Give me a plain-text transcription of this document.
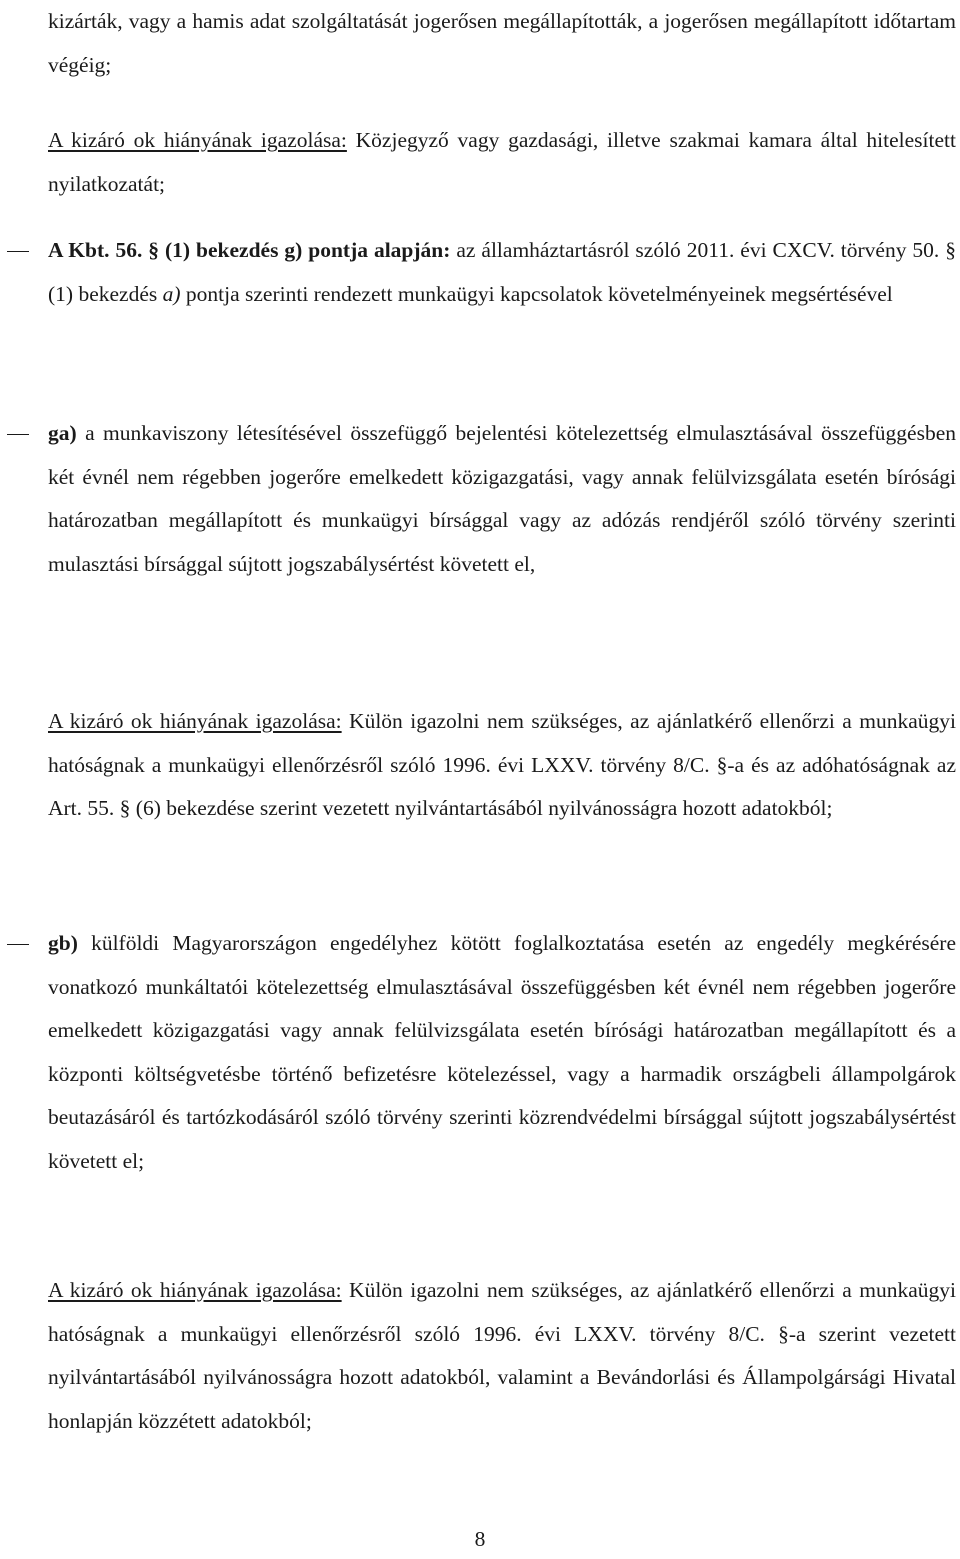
kizárták, vagy a hamis adat szolgáltatását jogerősen megállapították, a jogerősen megállapított időtartam végéig;

A kizáró ok hiányának igazolása: Közjegyző vagy gazdasági, illetve szakmai kamara által hitelesített nyilatkozatát;

A Kbt. 56. § (1) bekezdés g) pontja alapján: az államháztartásról szóló 2011. évi CXCV. törvény 50. § (1) bekezdés a) pontja szerinti rendezett munkaügyi kapcsolatok követelményeinek megsértésével

ga) a munkaviszony létesítésével összefüggő bejelentési kötelezettség elmulasztásával összefüggésben két évnél nem régebben jogerőre emelkedett közigazgatási, vagy annak felülvizsgálata esetén bírósági határozatban megállapított és munkaügyi bírsággal vagy az adózás rendjéről szóló törvény szerinti mulasztási bírsággal sújtott jogszabálysértést követett el,

A kizáró ok hiányának igazolása: Külön igazolni nem szükséges, az ajánlatkérő ellenőrzi a munkaügyi hatóságnak a munkaügyi ellenőrzésről szóló 1996. évi LXXV. törvény 8/C. §-a és az adóhatóságnak az Art. 55. § (6) bekezdése szerint vezetett nyilvántartásából nyilvánosságra hozott adatokból;

gb) külföldi Magyarországon engedélyhez kötött foglalkoztatása esetén az engedély megkérésére vonatkozó munkáltatói kötelezettség elmulasztásával összefüggésben két évnél nem régebben jogerőre emelkedett közigazgatási vagy annak felülvizsgálata esetén bírósági határozatban megállapított és a központi költségvetésbe történő befizetésre kötelezéssel, vagy a harmadik országbeli állampolgárok beutazásáról és tartózkodásáról szóló törvény szerinti közrendvédelmi bírsággal sújtott jogszabálysértést követett el;

A kizáró ok hiányának igazolása: Külön igazolni nem szükséges, az ajánlatkérő ellenőrzi a munkaügyi hatóságnak a munkaügyi ellenőrzésről szóló 1996. évi LXXV. törvény 8/C. §-a szerint vezetett nyilvántartásából nyilvánosságra hozott adatokból, valamint a Bevándorlási és Állampolgársági Hivatal honlapján közzétett adatokból;

8
